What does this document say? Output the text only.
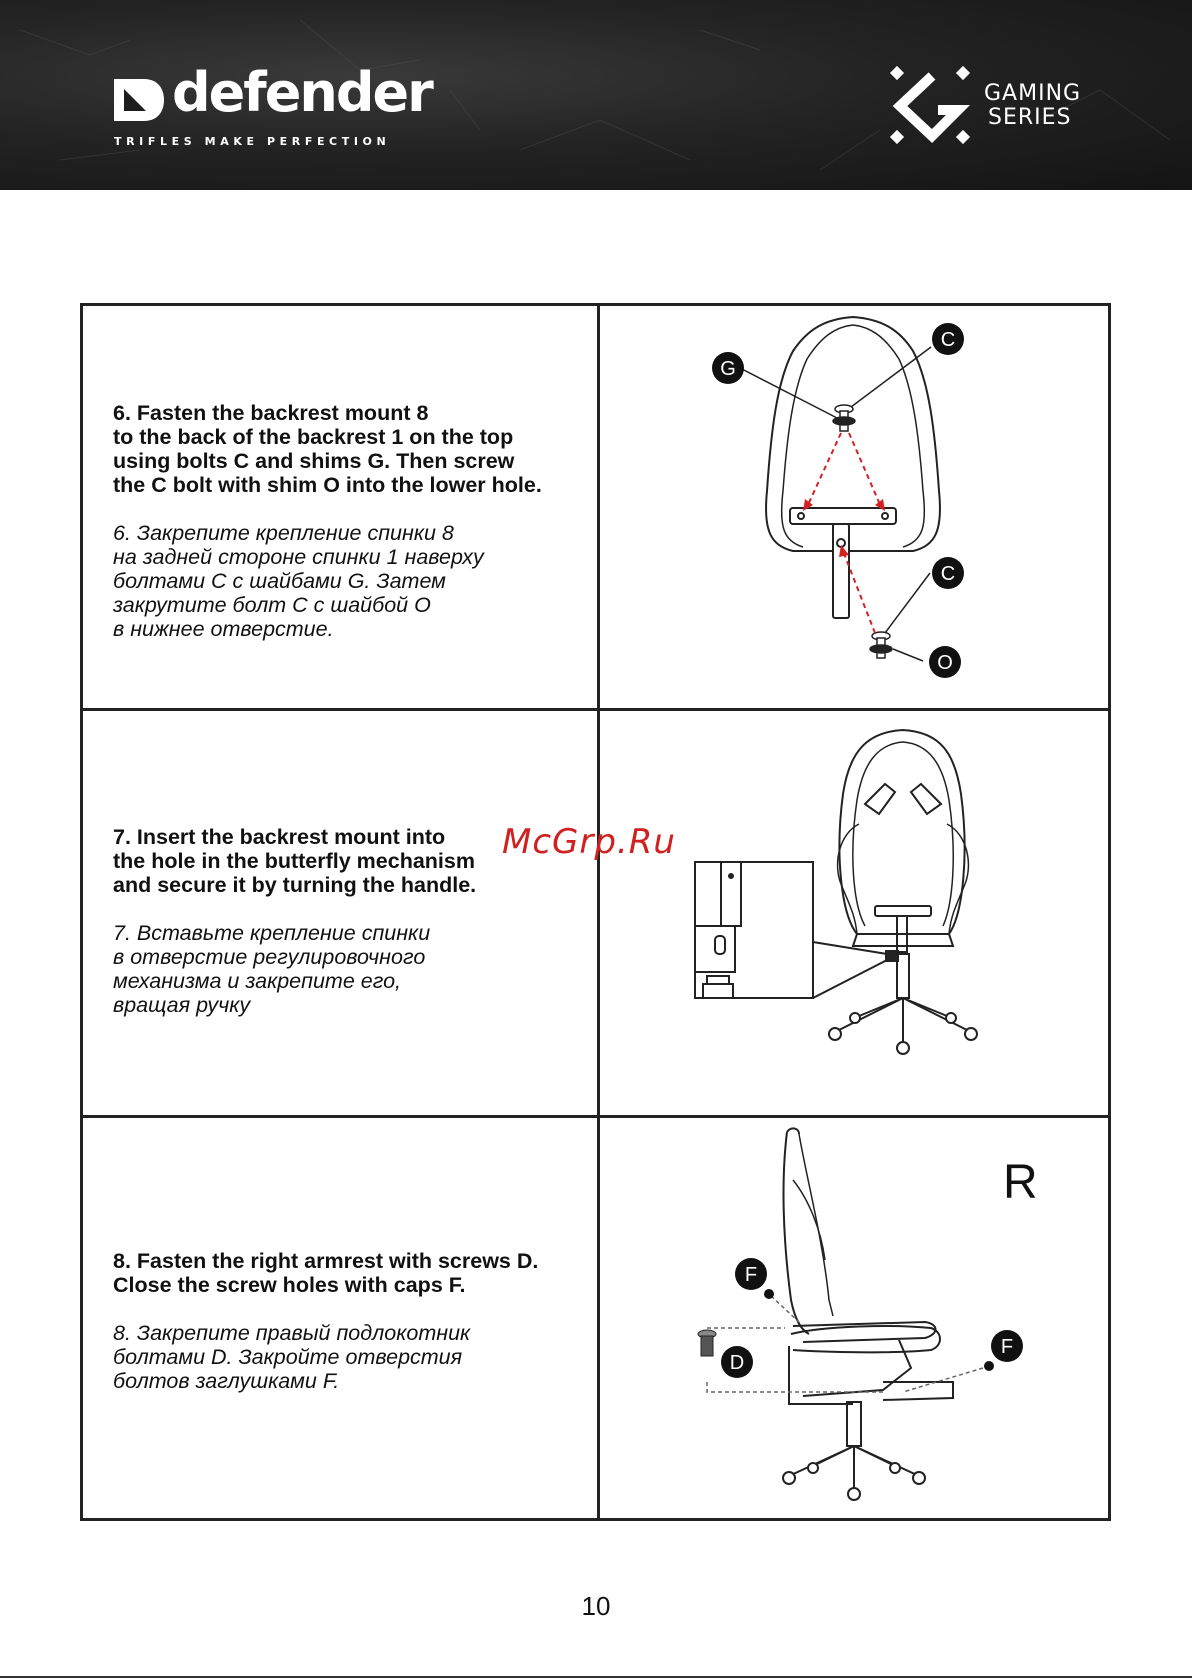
defender
TRIFLES MAKE PERFECTION
GAMING
SERIES

6. Fasten the backrest mount 8
to the back of the backrest 1 on the top
using bolts C and shims G. Then screw
the C bolt with shim O into the lower hole.

6. Закрепите крепление спинки 8
на задней стороне спинки 1 наверху
болтами C с шайбами G. Затем
закрутите болт C с шайбой O
в нижнее отверстие.

7. Insert the backrest mount into
the hole in the butterfly mechanism
and secure it by turning the handle.

7. Вставьте крепление спинки
в отверстие регулировочного
механизма и закрепите его,
вращая ручку

8. Fasten the right armrest with screws D.
Close the screw holes with caps F.

8. Закрепите правый подлокотник
болтами D. Закройте отверстия
болтов заглушками F.

C
G
C
O
R
F
F
D
McGrp.Ru
10
